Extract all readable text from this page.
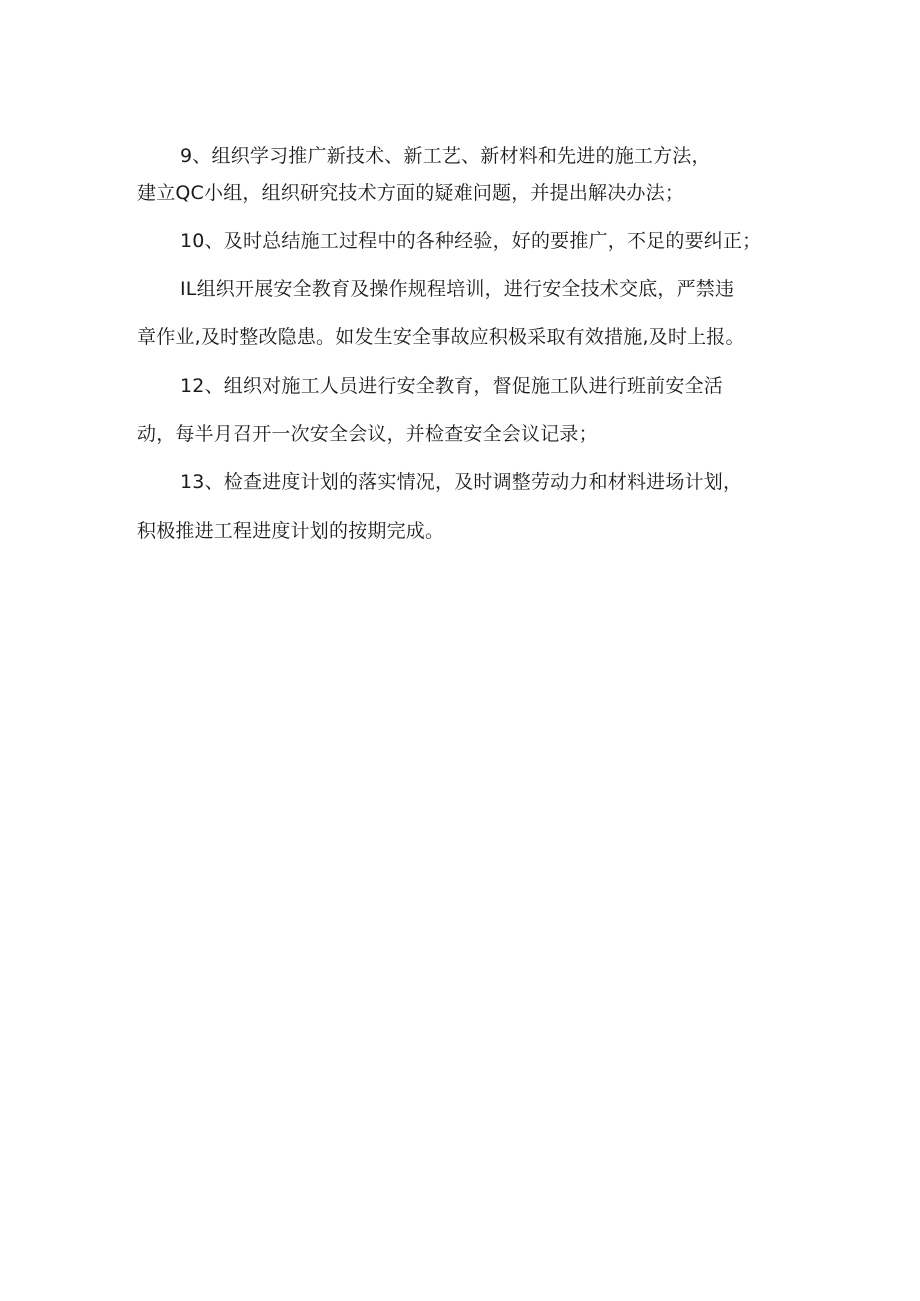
9、组织学习推广新技术、新工艺、新材料和先进的施工方法，
建立QC小组，组织研究技术方面的疑难问题，并提出解决办法；
10、及时总结施工过程中的各种经验，好的要推广，不足的要纠正；
IL组织开展安全教育及操作规程培训，进行安全技术交底，严禁违
章作业,及时整改隐患。如发生安全事故应积极采取有效措施,及时上报。
12、组织对施工人员进行安全教育，督促施工队进行班前安全活
动，每半月召开一次安全会议，并检查安全会议记录；
13、检查进度计划的落实情况，及时调整劳动力和材料进场计划，
积极推进工程进度计划的按期完成。
